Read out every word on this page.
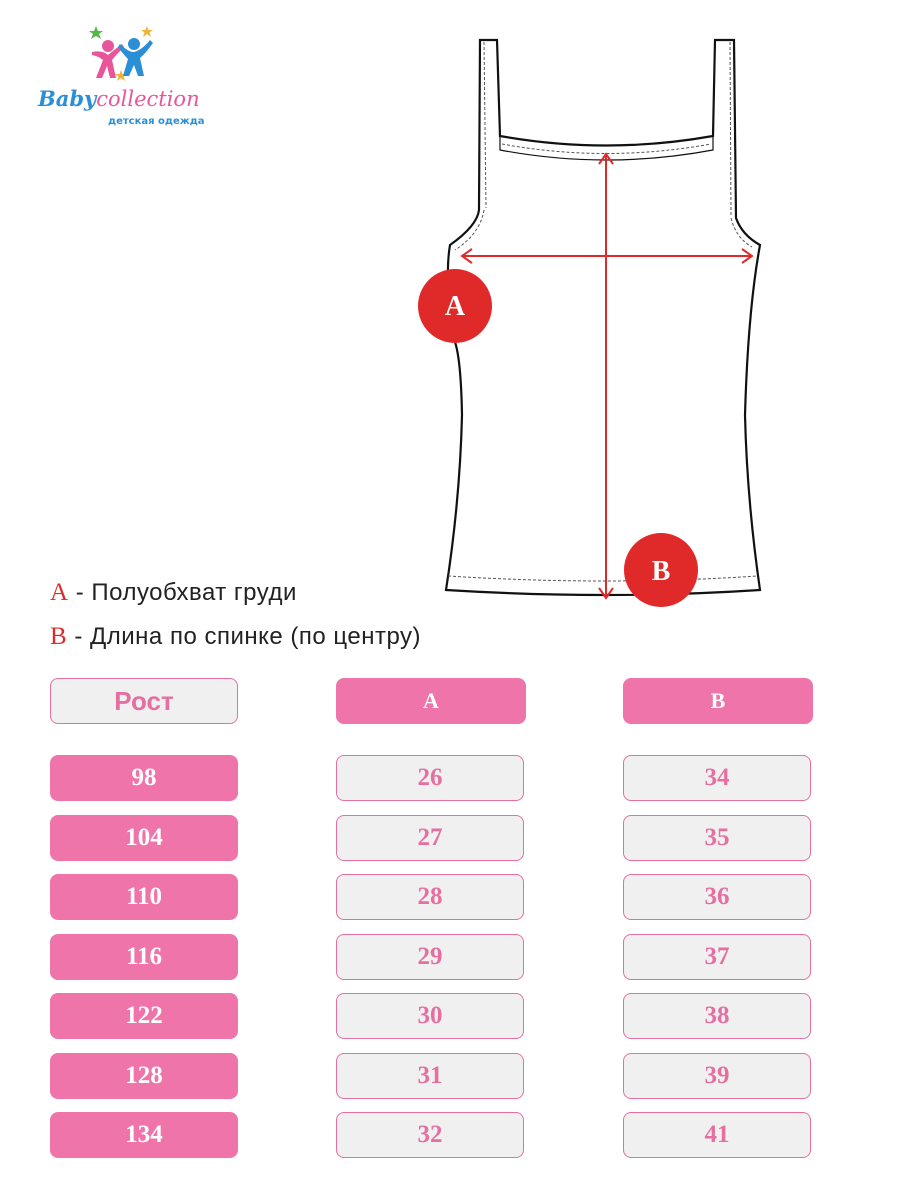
Babycollection
детская одежда
A
B
A - Полуобхват груди
B - Длина по спинке (по центру)
Рост	A	B
98	26	34
104	27	35
110	28	36
116	29	37
122	30	38
128	31	39
134	32	41
